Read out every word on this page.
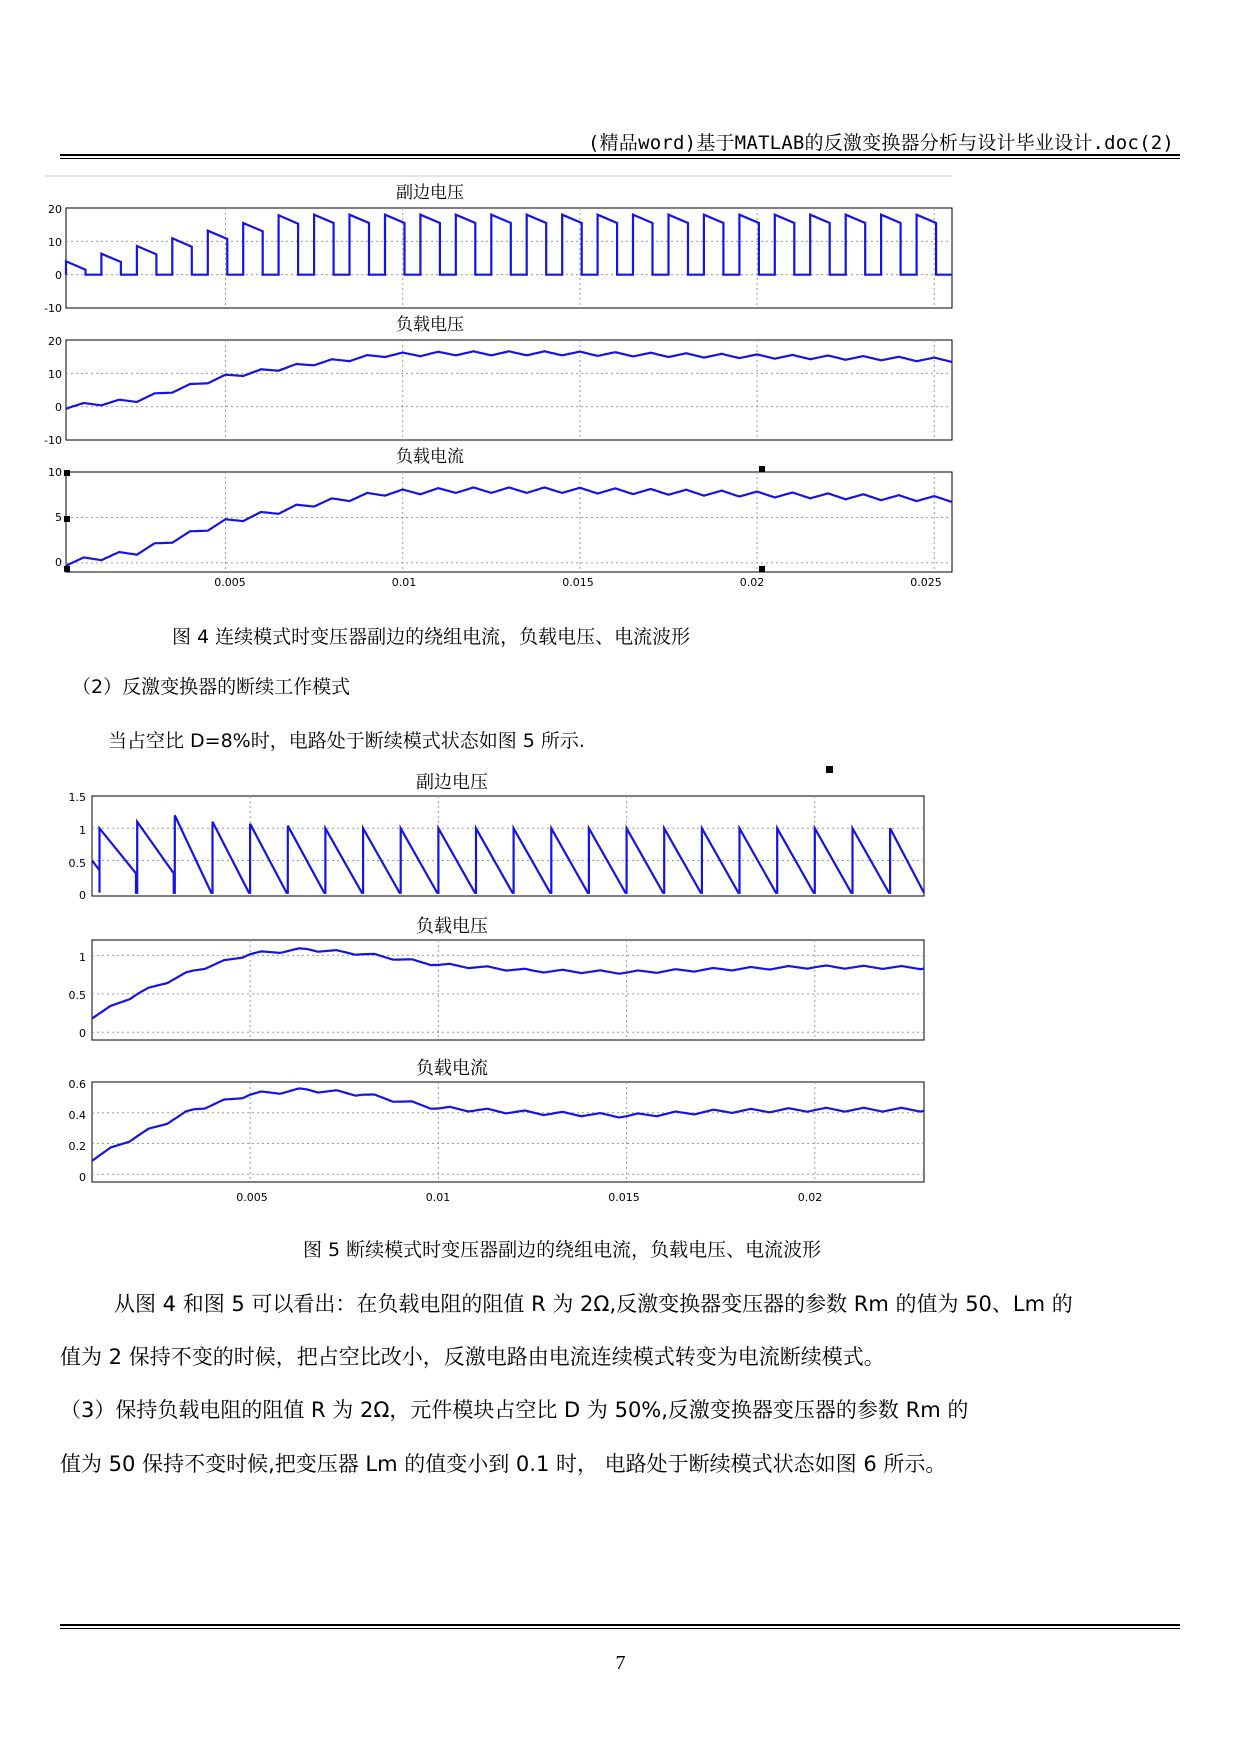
(精品word)基于MATLAB的反激变换器分析与设计毕业设计.doc(2)
副边电压
20
10
0
-10
负载电压
20
10
0
-10
负载电流
10
5
0
0.005	0.01	0.015	0.02	0.025
副边电压
1.5
1
0.5
0
负载电压
1
0.5
0
负载电流
0.6
0.4
0.2
0
0.005	0.01	0.015	0.02
图 4 连续模式时变压器副边的绕组电流，负载电压、电流波形
（2）反激变换器的断续工作模式
当占空比 D=8%时，电路处于断续模式状态如图 5 所示.
图 5 断续模式时变压器副边的绕组电流，负载电压、电流波形
从图 4 和图 5 可以看出：在负载电阻的阻值 R 为 2Ω,反激变换器变压器的参数 Rm 的值为 50、Lm 的
值为 2 保持不变的时候，把占空比改小，反激电路由电流连续模式转变为电流断续模式。
（3）保持负载电阻的阻值 R 为 2Ω，元件模块占空比 D 为 50%,反激变换器变压器的参数 Rm 的
值为 50 保持不变时候,把变压器 Lm 的值变小到 0.1 时， 电路处于断续模式状态如图 6 所示。
7
